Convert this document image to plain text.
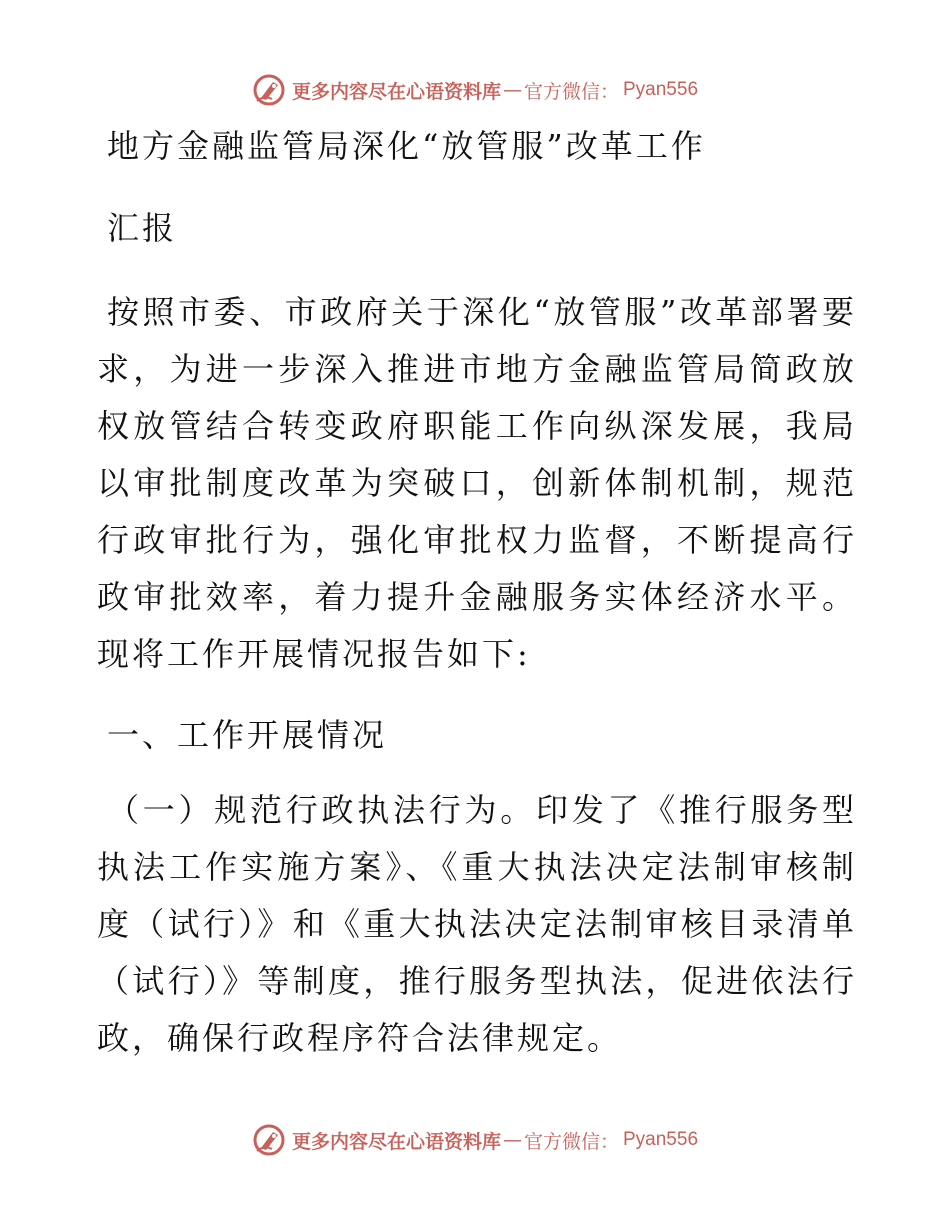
更多内容尽在心语资料库 — 官方微信： Pyan556
地方金融监管局深化“放管服”改革工作
汇报

按照市委、市政府关于深化“放管服”改革部署要求，为进一步深入推进市地方金融监管局简政放权放管结合转变政府职能工作向纵深发展，我局以审批制度改革为突破口，创新体制机制，规范行政审批行为，强化审批权力监督，不断提高行政审批效率，着力提升金融服务实体经济水平。现将工作开展情况报告如下:

一、工作开展情况

（一）规范行政执法行为。印发了《推行服务型执法工作实施方案》、《重大执法决定法制审核制度（试行）》和《重大执法决定法制审核目录清单（试行）》等制度，推行服务型执法，促进依法行政，确保行政程序符合法律规定。

更多内容尽在心语资料库 — 官方微信： Pyan556
